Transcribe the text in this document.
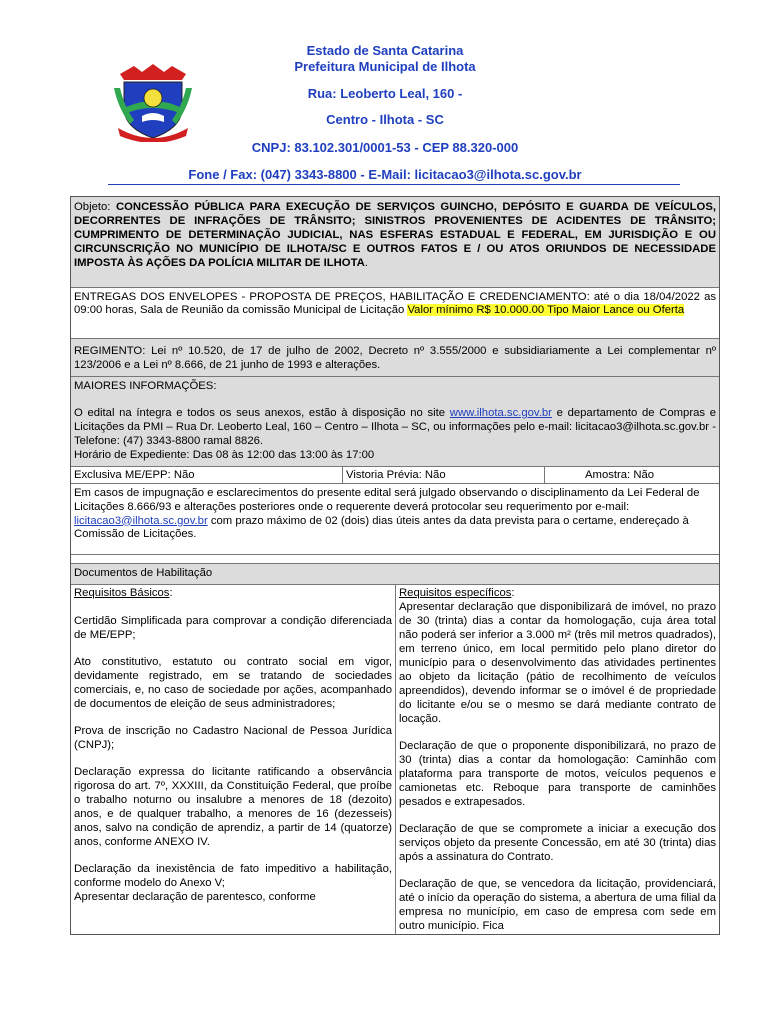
Estado de Santa Catarina
Prefeitura Municipal de Ilhota
Rua: Leoberto Leal, 160 -
Centro - Ilhota - SC
CNPJ: 83.102.301/0001-53 - CEP 88.320-000
Fone / Fax: (047) 3343-8800 - E-Mail: licitacao3@ilhota.sc.gov.br
Objeto: CONCESSÃO PÚBLICA PARA EXECUÇÃO DE SERVIÇOS GUINCHO, DEPÓSITO E GUARDA DE VEÍCULOS, DECORRENTES DE INFRAÇÕES DE TRÂNSITO; SINISTROS PROVENIENTES DE ACIDENTES DE TRÂNSITO; CUMPRIMENTO DE DETERMINAÇÃO JUDICIAL, NAS ESFERAS ESTADUAL E FEDERAL, EM JURISDIÇÃO E OU CIRCUNSCRIÇÃO NO MUNICÍPIO DE ILHOTA/SC E OUTROS FATOS E / OU ATOS ORIUNDOS DE NECESSIDADE IMPOSTA ÀS AÇÕES DA POLÍCIA MILITAR DE ILHOTA.
ENTREGAS DOS ENVELOPES - PROPOSTA DE PREÇOS, HABILITAÇÃO E CREDENCIAMENTO: até o dia 18/04/2022 as 09:00 horas, Sala de Reunião da comissão Municipal de Licitação Valor mínimo R$ 10.000.00 Tipo Maior Lance ou Oferta
REGIMENTO: Lei nº 10.520, de 17 de julho de 2002, Decreto nº 3.555/2000 e subsidiariamente a Lei complementar nº 123/2006 e a Lei nº 8.666, de 21 junho de 1993 e alterações.
MAIORES INFORMAÇÕES:
O edital na íntegra e todos os seus anexos, estão à disposição no site www.ilhota.sc.gov.br e departamento de Compras e Licitações da PMI – Rua Dr. Leoberto Leal, 160 – Centro – Ilhota – SC, ou informações pelo e-mail: licitacao3@ilhota.sc.gov.br - Telefone: (47) 3343-8800 ramal 8826.
Horário de Expediente: Das 08 às 12:00 das 13:00 às 17:00
Exclusiva ME/EPP: Não	Vistoria Prévia: Não	Amostra: Não
Em casos de impugnação e esclarecimentos do presente edital será julgado observando o disciplinamento da Lei Federal de Licitações 8.666/93 e alterações posteriores onde o requerente deverá protocolar seu requerimento por e-mail: licitacao3@ilhota.sc.gov.br com prazo máximo de 02 (dois) dias úteis antes da data prevista para o certame, endereçado à Comissão de Licitações.
Documentos de Habilitação
Requisitos Básicos:

Certidão Simplificada para comprovar a condição diferenciada de ME/EPP;

Ato constitutivo, estatuto ou contrato social em vigor, devidamente registrado, em se tratando de sociedades comerciais, e, no caso de sociedade por ações, acompanhado de documentos de eleição de seus administradores;

Prova de inscrição no Cadastro Nacional de Pessoa Jurídica (CNPJ);

Declaração expressa do licitante ratificando a observância rigorosa do art. 7º, XXXIII, da Constituição Federal, que proíbe o trabalho noturno ou insalubre a menores de 18 (dezoito) anos, e de qualquer trabalho, a menores de 16 (dezesseis) anos, salvo na condição de aprendiz, a partir de 14 (quatorze) anos, conforme ANEXO IV.

Declaração da inexistência de fato impeditivo a habilitação, conforme modelo do Anexo V;

Apresentar declaração de parentesco, conforme

Requisitos específicos:

Apresentar declaração que disponibilizará de imóvel, no prazo de 30 (trinta) dias a contar da homologação, cuja área total não poderá ser inferior a 3.000 m² (três mil metros quadrados), em terreno único, em local permitido pelo plano diretor do município para o desenvolvimento das atividades pertinentes ao objeto da licitação (pátio de recolhimento de veículos apreendidos), devendo informar se o imóvel é de propriedade do licitante e/ou se o mesmo se dará mediante contrato de locação.

Declaração de que o proponente disponibilizará, no prazo de 30 (trinta) dias a contar da homologação: Caminhão com plataforma para transporte de motos, veículos pequenos e camionetas etc. Reboque para transporte de caminhões pesados e extrapesados.

Declaração de que se compromete a iniciar a execução dos serviços objeto da presente Concessão, em até 30 (trinta) dias após a assinatura do Contrato.

Declaração de que, se vencedora da licitação, providenciará, até o início da operação do sistema, a abertura de uma filial da empresa no município, em caso de empresa com sede em outro município. Fica
